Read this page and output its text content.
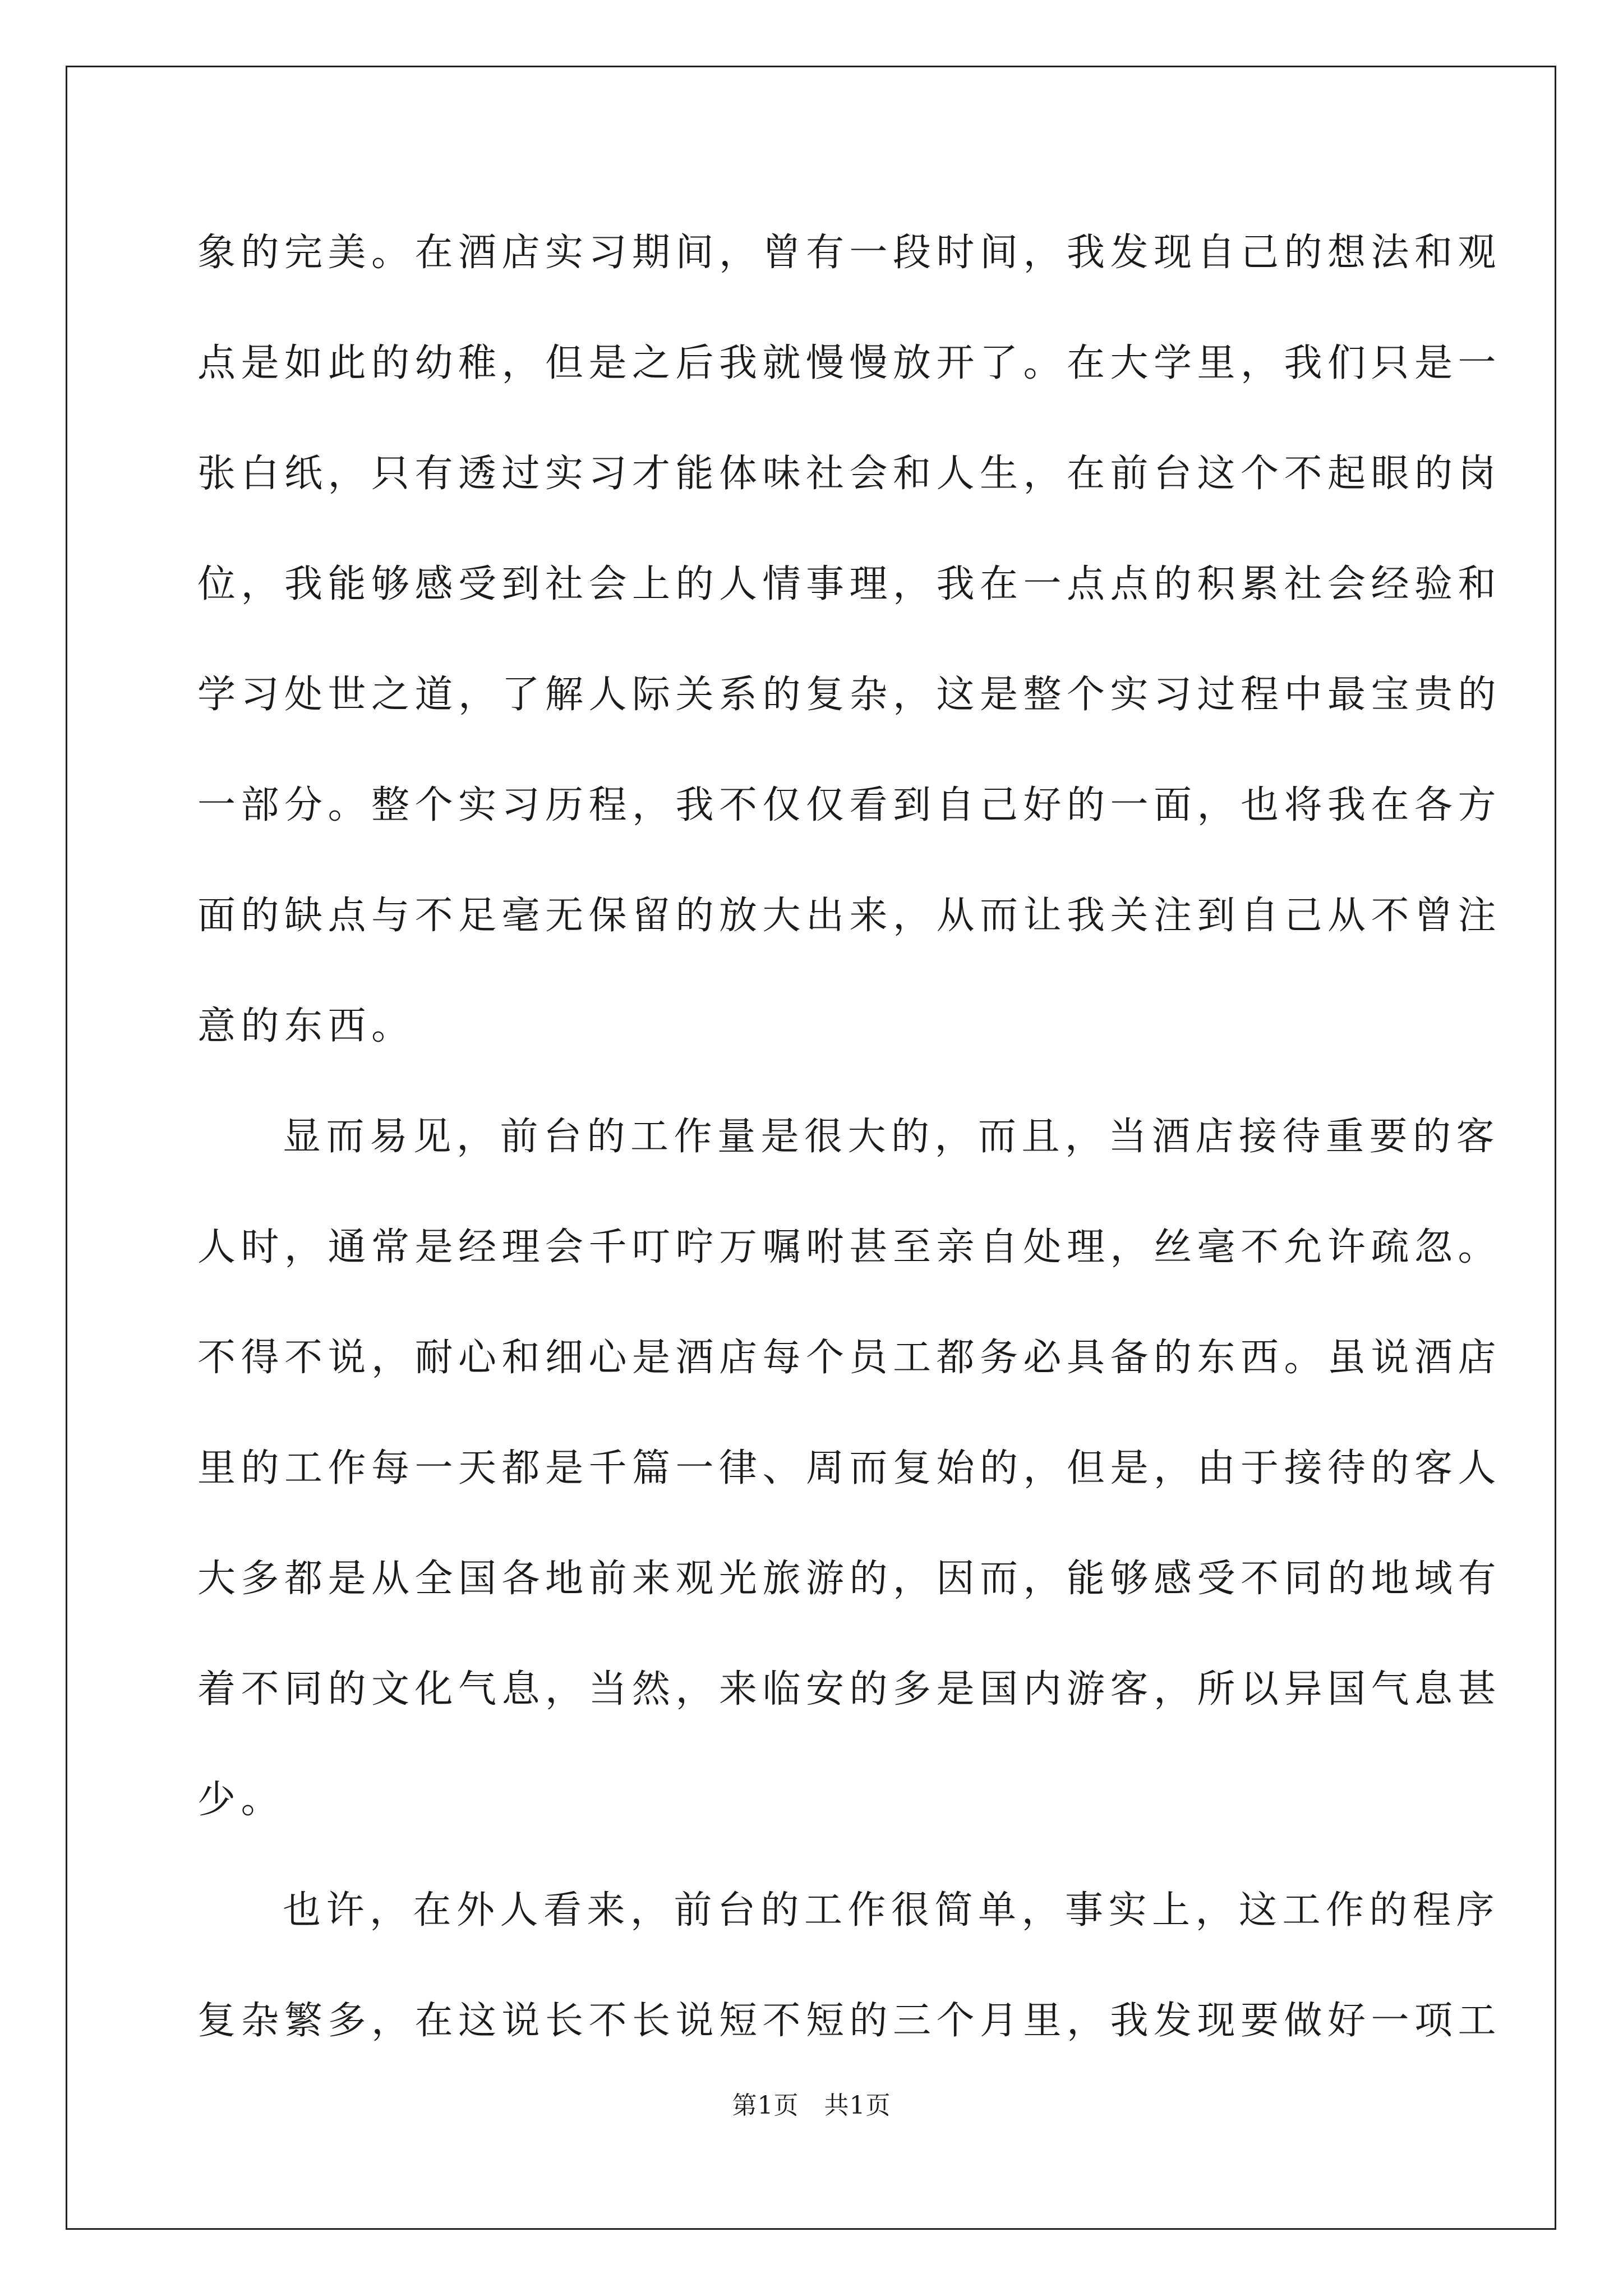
象的完美。在酒店实习期间，曾有一段时间，我发现自己的想法和观
点是如此的幼稚，但是之后我就慢慢放开了。在大学里，我们只是一
张白纸，只有透过实习才能体味社会和人生，在前台这个不起眼的岗
位，我能够感受到社会上的人情事理，我在一点点的积累社会经验和
学习处世之道，了解人际关系的复杂，这是整个实习过程中最宝贵的
一部分。整个实习历程，我不仅仅看到自己好的一面，也将我在各方
面的缺点与不足毫无保留的放大出来，从而让我关注到自己从不曾注
意的东西。
显而易见，前台的工作量是很大的，而且，当酒店接待重要的客
人时，通常是经理会千叮咛万嘱咐甚至亲自处理，丝毫不允许疏忽。
不得不说，耐心和细心是酒店每个员工都务必具备的东西。虽说酒店
里的工作每一天都是千篇一律、周而复始的，但是，由于接待的客人
大多都是从全国各地前来观光旅游的，因而，能够感受不同的地域有
着不同的文化气息，当然，来临安的多是国内游客，所以异国气息甚
少。
也许，在外人看来，前台的工作很简单，事实上，这工作的程序
复杂繁多，在这说长不长说短不短的三个月里，我发现要做好一项工
第1页　共1页
